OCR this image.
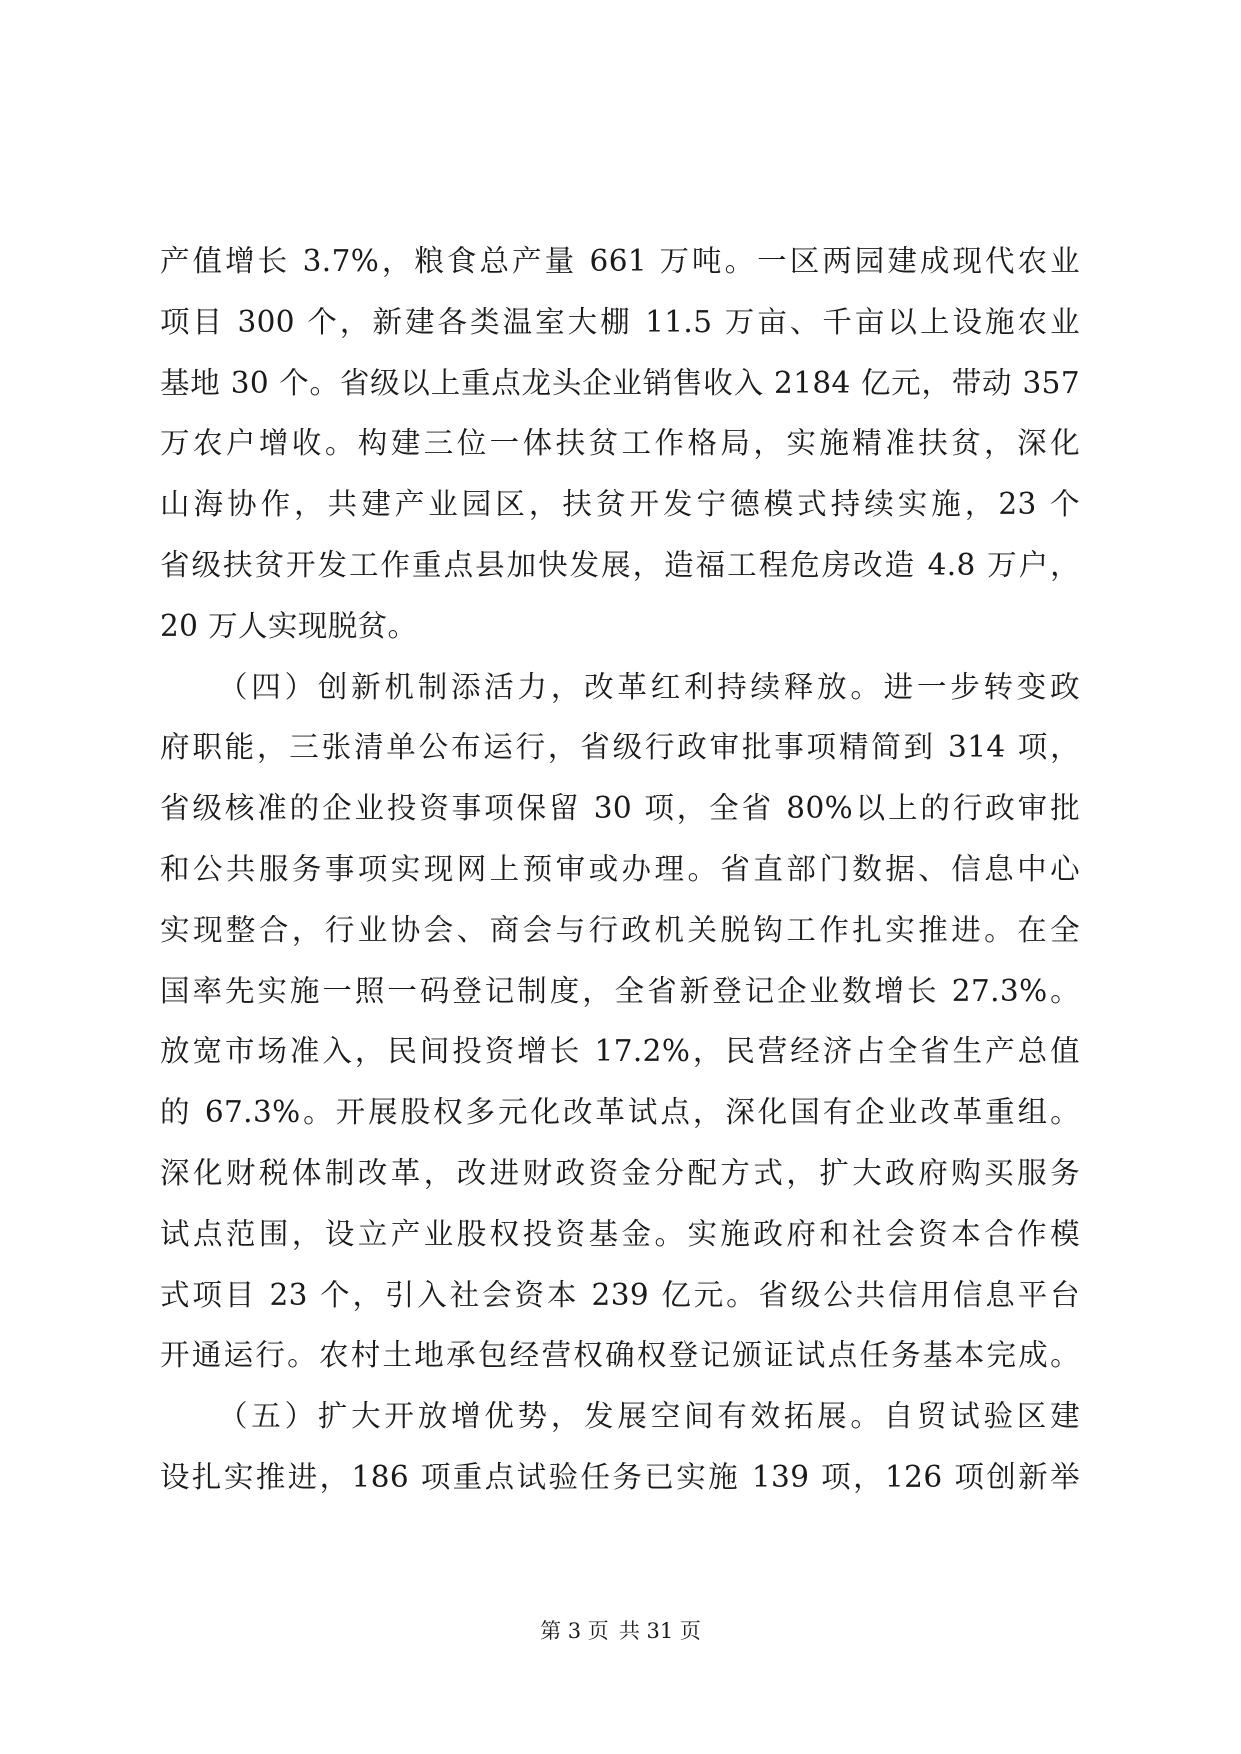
产值增长 3.7%，粮食总产量 661 万吨。一区两园建成现代农业
项目 300 个，新建各类温室大棚 11.5 万亩、千亩以上设施农业
基地 30 个。省级以上重点龙头企业销售收入 2184 亿元，带动 357
万农户增收。构建三位一体扶贫工作格局，实施精准扶贫，深化
山海协作，共建产业园区，扶贫开发宁德模式持续实施，23 个
省级扶贫开发工作重点县加快发展，造福工程危房改造 4.8 万户，
20 万人实现脱贫。
（四）创新机制添活力，改革红利持续释放。进一步转变政
府职能，三张清单公布运行，省级行政审批事项精简到 314 项，
省级核准的企业投资事项保留 30 项，全省 80%以上的行政审批
和公共服务事项实现网上预审或办理。省直部门数据、信息中心
实现整合，行业协会、商会与行政机关脱钩工作扎实推进。在全
国率先实施一照一码登记制度，全省新登记企业数增长 27.3%。
放宽市场准入，民间投资增长 17.2%，民营经济占全省生产总值
的 67.3%。开展股权多元化改革试点，深化国有企业改革重组。
深化财税体制改革，改进财政资金分配方式，扩大政府购买服务
试点范围，设立产业股权投资基金。实施政府和社会资本合作模
式项目 23 个，引入社会资本 239 亿元。省级公共信用信息平台
开通运行。农村土地承包经营权确权登记颁证试点任务基本完成。
（五）扩大开放增优势，发展空间有效拓展。自贸试验区建
设扎实推进，186 项重点试验任务已实施 139 项，126 项创新举
第 3 页 共 31 页
